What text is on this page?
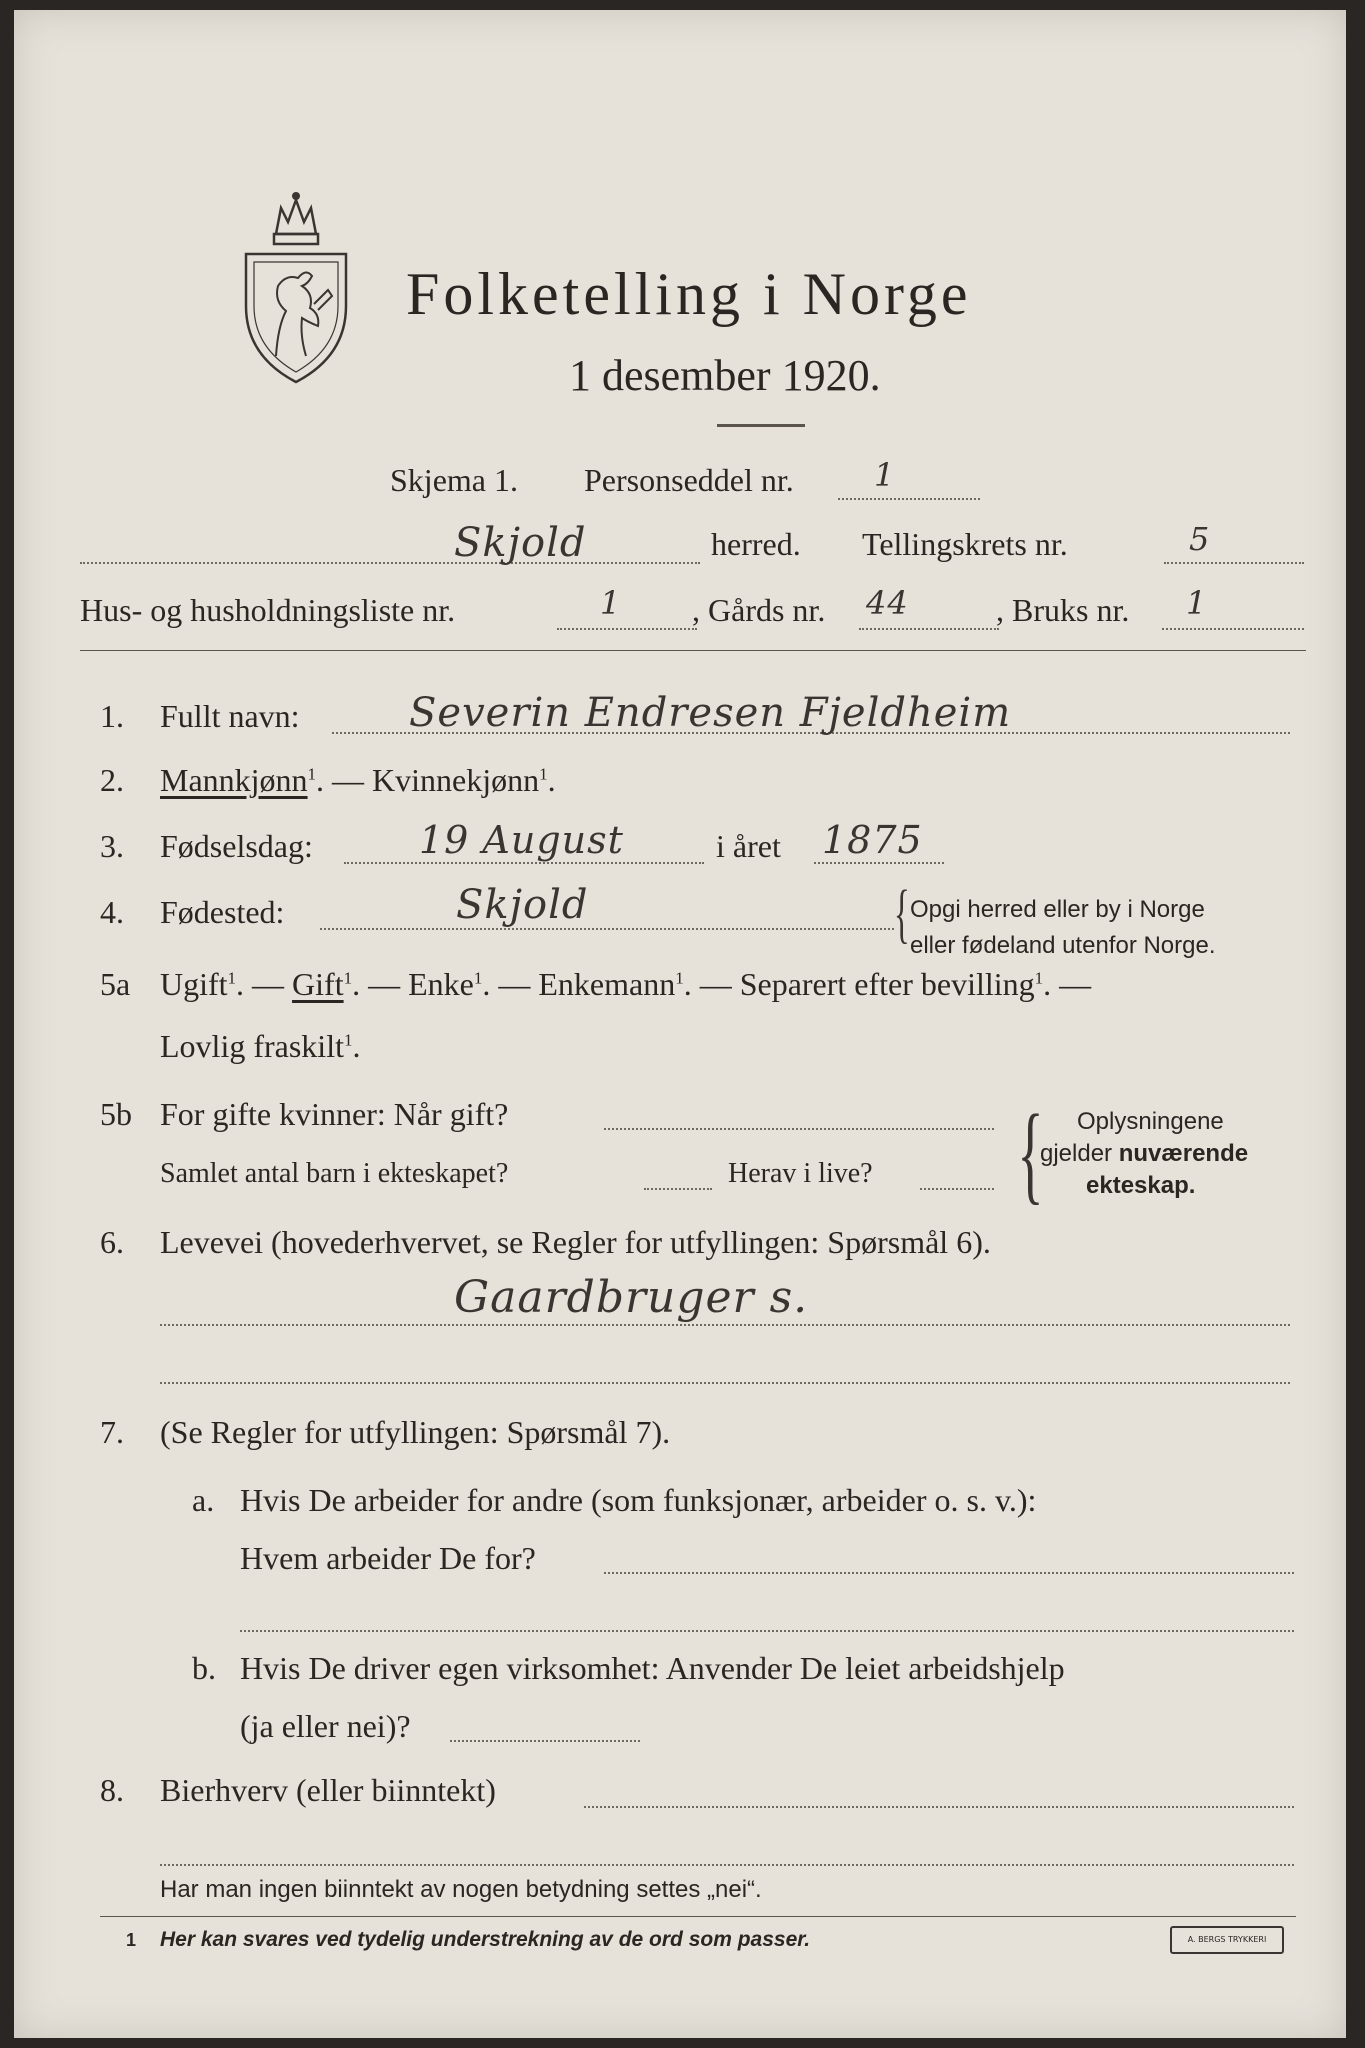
Folketelling i Norge
1 desember 1920.
Skjema 1. Personseddel nr.	1
Skjold	herred. Tellingskrets nr.	5
Hus- og husholdningsliste nr.	1 , Gårds nr. 44	, Bruks nr. 1
1. Fullt navn:	Severin Endresen Fjeldheim
2. Mannkjønn$^1$. — Kvinnekjønn$^1$.
3. Fødselsdag:	19 August	i året 1875
4. Fødested:	Skjold	{ Opgi herred eller by i Norge
eller fødeland utenfor Norge.
5a Ugift$^1$. — Gift$^1$. — Enke$^1$. — Enkemann$^1$. — Separert efter bevilling$^1$. —
Lovlig fraskilt$^1$.
5b For gifte kvinner: Når gift?
Samlet antal barn i ekteskapet?	Herav i live? { Oplysningene
gjelder nuværende
ekteskap.
6. Levevei (hovederhvervet, se Regler for utfyllingen: Spørsmål 6).
Gaardbruger s.
7. (Se Regler for utfyllingen: Spørsmål 7).
a. Hvis De arbeider for andre (som funksjonær, arbeider o. s. v.):
Hvem arbeider De for?
b. Hvis De driver egen virksomhet: Anvender De leiet arbeidshjelp
(ja eller nei)?
8. Bierhverv (eller biinntekt)
Har man ingen biinntekt av nogen betydning settes „nei“.
1 Her kan svares ved tydelig understrekning av de ord som passer.	A. BERGS TRYKKERI
